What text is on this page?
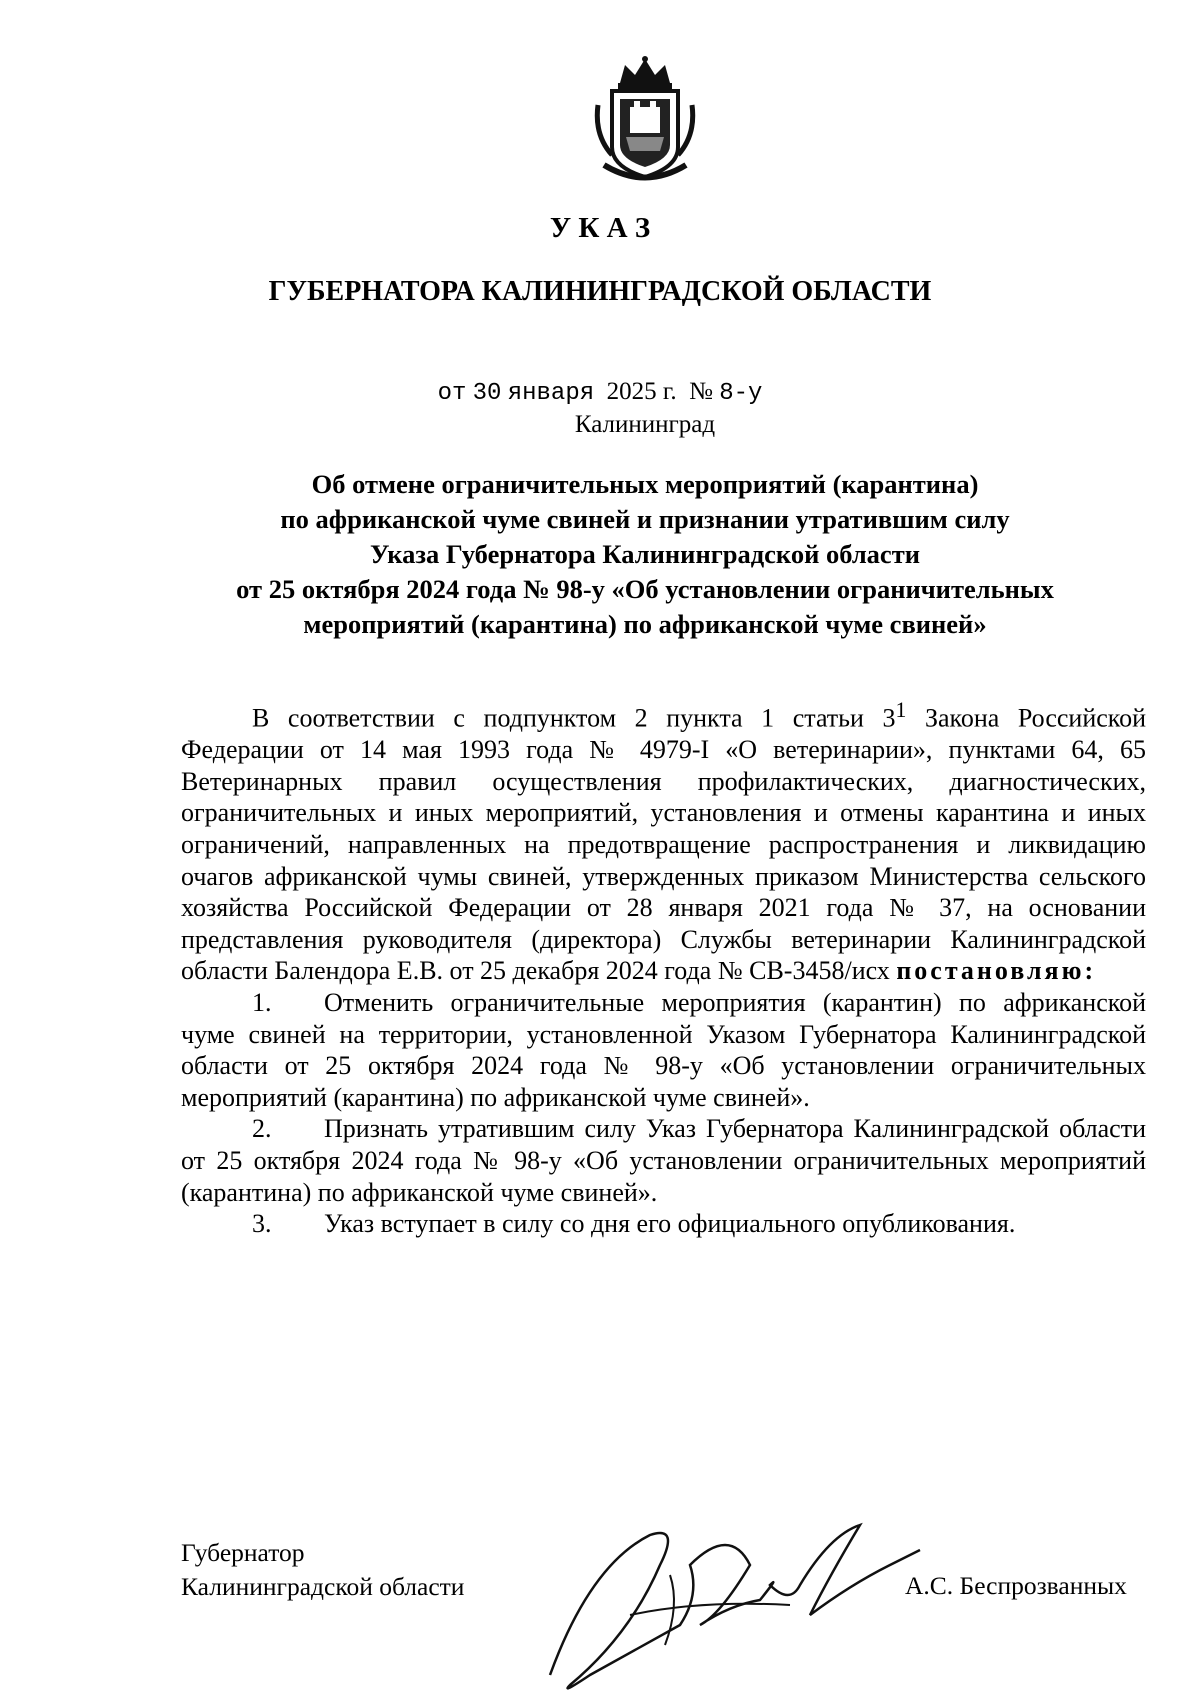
У К А З
ГУБЕРНАТОРА КАЛИНИНГРАДСКОЙ ОБЛАСТИ
от 30 января 2025 г. № 8-у
Калининград
Об отмене ограничительных мероприятий (карантина)
по африканской чуме свиней и признании утратившим силу
Указа Губернатора Калининградской области
от 25 октября 2024 года № 98-у «Об установлении ограничительных
мероприятий (карантина) по африканской чуме свиней»

В соответствии с подпунктом 2 пункта 1 статьи $3^1$ Закона Российской Федерации от 14 мая 1993 года № 4979-I «О ветеринарии», пунктами 64, 65 Ветеринарных правил осуществления профилактических, диагностических, ограничительных и иных мероприятий, установления и отмены карантина и иных ограничений, направленных на предотвращение распространения и ликвидацию очагов африканской чумы свиней, утвержденных приказом Министерства сельского хозяйства Российской Федерации от 28 января 2021 года № 37, на основании представления руководителя (директора) Службы ветеринарии Калининградской области Балендора Е.В. от 25 декабря 2024 года № СВ-3458/исх постановляю:

1. Отменить ограничительные мероприятия (карантин) по африканской чуме свиней на территории, установленной Указом Губернатора Калининградской области от 25 октября 2024 года № 98-у «Об установлении ограничительных мероприятий (карантина) по африканской чуме свиней».

2. Признать утратившим силу Указ Губернатора Калининградской области от 25 октября 2024 года № 98-у «Об установлении ограничительных мероприятий (карантина) по африканской чуме свиней».

3. Указ вступает в силу со дня его официального опубликования.

Губернатор
Калининградской области	А.С. Беспрозванных
